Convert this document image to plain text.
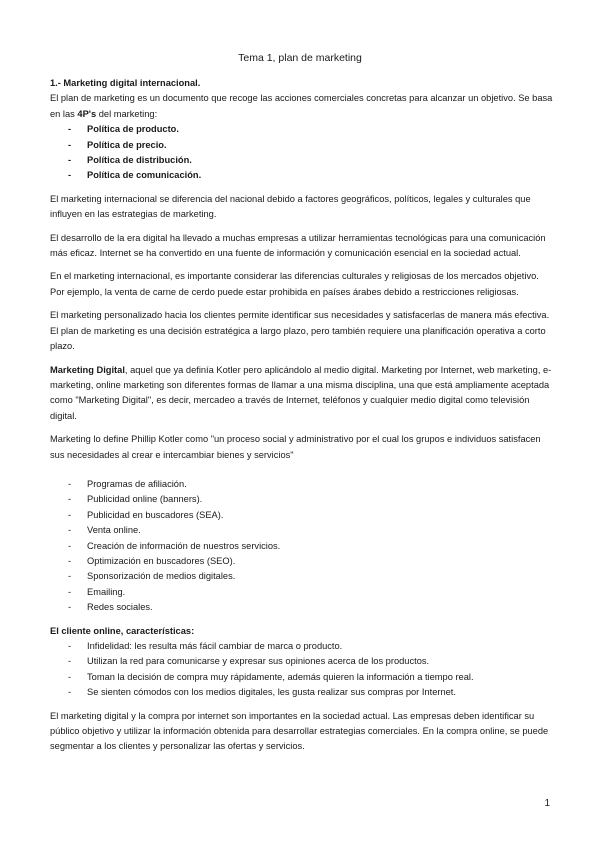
Tema 1, plan de marketing

1.- Marketing digital internacional.

El plan de marketing es un documento que recoge las acciones comerciales concretas para alcanzar un objetivo. Se basa en las 4P's del marketing:

- Política de producto.
- Política de precio.
- Política de distribución.
- Política de comunicación.

El marketing internacional se diferencia del nacional debido a factores geográficos, políticos, legales y culturales que influyen en las estrategias de marketing.

El desarrollo de la era digital ha llevado a muchas empresas a utilizar herramientas tecnológicas para una comunicación más eficaz. Internet se ha convertido en una fuente de información y comunicación esencial en la sociedad actual.

En el marketing internacional, es importante considerar las diferencias culturales y religiosas de los mercados objetivo. Por ejemplo, la venta de carne de cerdo puede estar prohibida en países árabes debido a restricciones religiosas.

El marketing personalizado hacia los clientes permite identificar sus necesidades y satisfacerlas de manera más efectiva. El plan de marketing es una decisión estratégica a largo plazo, pero también requiere una planificación operativa a corto plazo.

Marketing Digital, aquel que ya definía Kotler pero aplicándolo al medio digital. Marketing por Internet, web marketing, e-marketing, online marketing son diferentes formas de llamar a una misma disciplina, una que está ampliamente aceptada como "Marketing Digital", es decir, mercadeo a través de Internet, teléfonos y cualquier medio digital como televisión digital.

Marketing lo define Phillip Kotler como "un proceso social y administrativo por el cual los grupos e individuos satisfacen sus necesidades al crear e intercambiar bienes y servicios"

- Programas de afiliación.
- Publicidad online (banners).
- Publicidad en buscadores (SEA).
- Venta online.
- Creación de información de nuestros servicios.
- Optimización en buscadores (SEO).
- Sponsorización de medios digitales.
- Emailing.
- Redes sociales.

El cliente online, características:

- Infidelidad: les resulta más fácil cambiar de marca o producto.
- Utilizan la red para comunicarse y expresar sus opiniones acerca de los productos.
- Toman la decisión de compra muy rápidamente, además quieren la información a tiempo real.
- Se sienten cómodos con los medios digitales, les gusta realizar sus compras por Internet.

El marketing digital y la compra por internet son importantes en la sociedad actual. Las empresas deben identificar su público objetivo y utilizar la información obtenida para desarrollar estrategias comerciales. En la compra online, se puede segmentar a los clientes y personalizar las ofertas y servicios.

1
